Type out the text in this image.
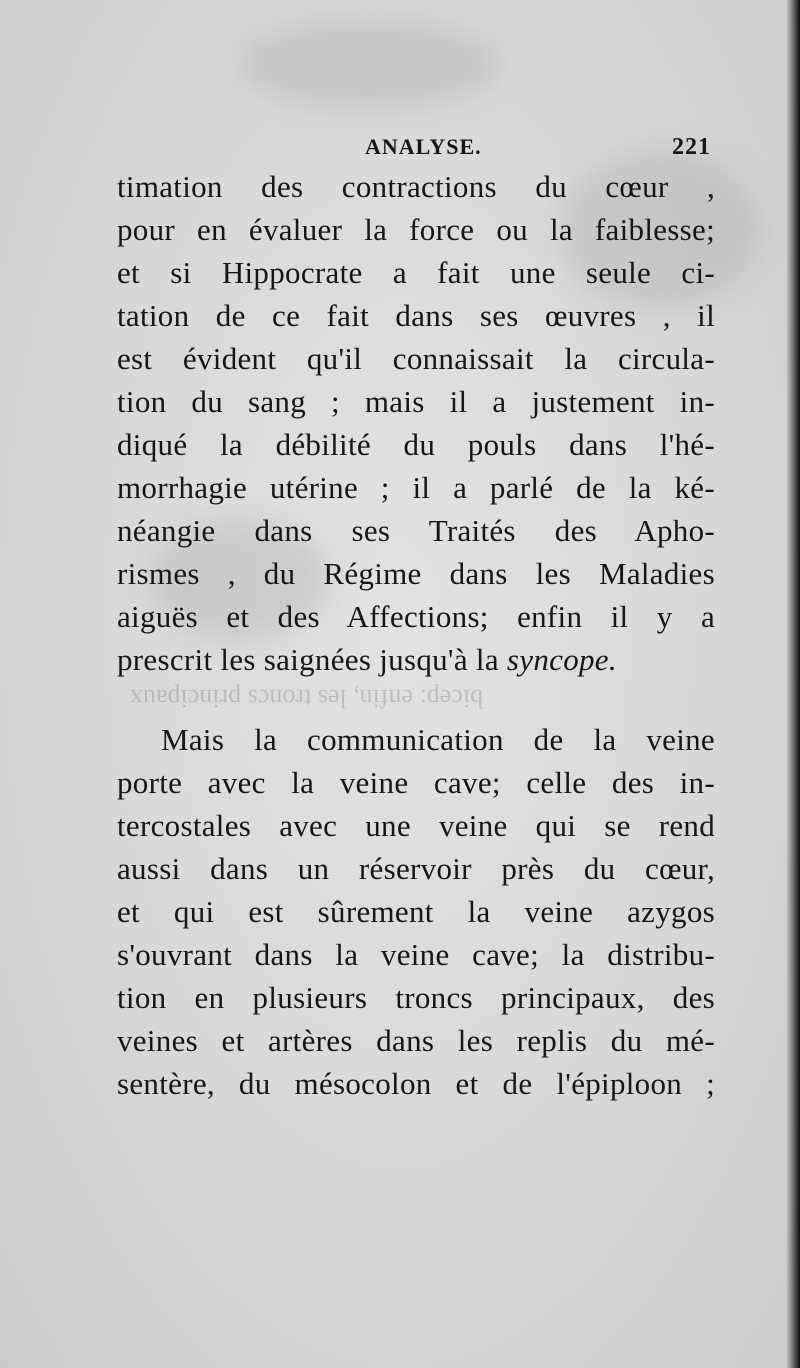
ANALYSE.	221
bicep: enfin, les troncs principaux
timation des contractions du cœur ,
pour en évaluer la force ou la faiblesse;
et si Hippocrate a fait une seule ci-
tation de ce fait dans ses œuvres , il
est évident qu'il connaissait la circula-
tion du sang ; mais il a justement in-
diqué la débilité du pouls dans l'hé-
morrhagie utérine ; il a parlé de la ké-
néangie dans ses Traités des Apho-
rismes , du Régime dans les Maladies
aiguës et des Affections; enfin il y a
prescrit les saignées jusqu'à la syncope.
Mais la communication de la veine
porte avec la veine cave; celle des in-
tercostales avec une veine qui se rend
aussi dans un réservoir près du cœur,
et qui est sûrement la veine azygos
s'ouvrant dans la veine cave; la distribu-
tion en plusieurs troncs principaux, des
veines et artères dans les replis du mé-
sentère, du mésocolon et de l'épiploon ;
